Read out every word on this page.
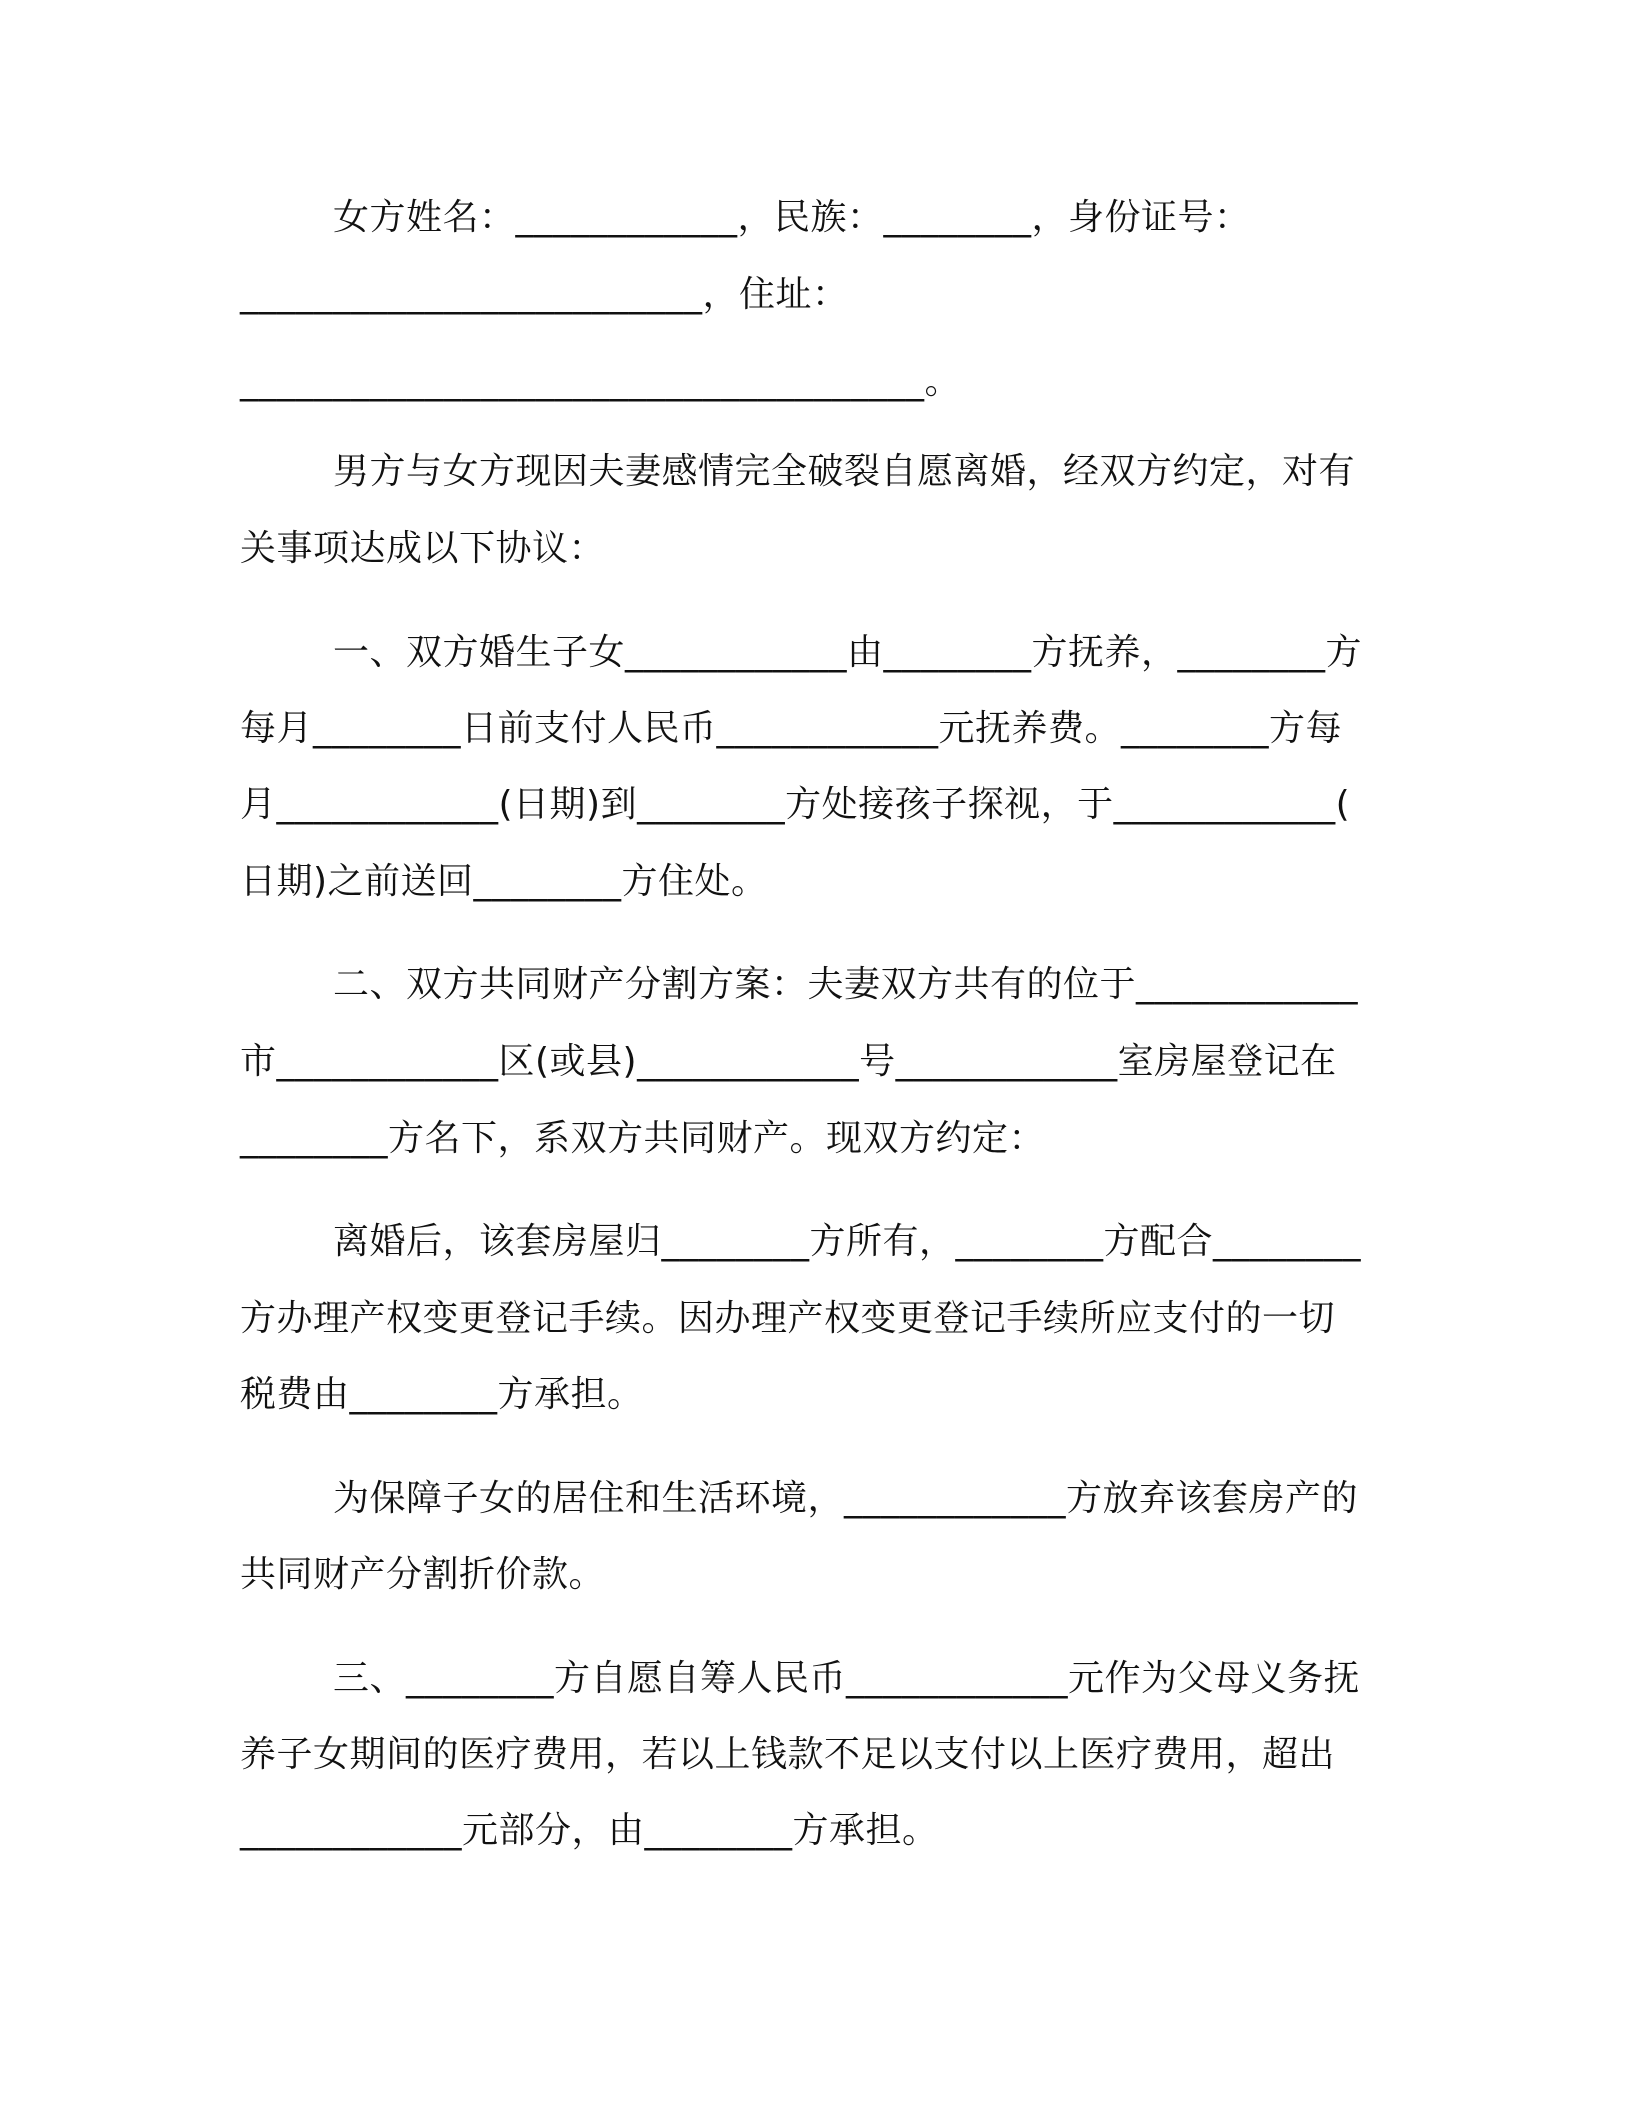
女方姓名：____________，民族：________，身份证号：
_________________________，住址：
_____________________________________。
男方与女方现因夫妻感情完全破裂自愿离婚，经双方约定，对有
关事项达成以下协议：
一、双方婚生子女____________由________方抚养，________方
每月________日前支付人民币____________元抚养费。________方每
月____________(日期)到________方处接孩子探视，于____________(
日期)之前送回________方住处。
二、双方共同财产分割方案：夫妻双方共有的位于____________
市____________区(或县)____________号____________室房屋登记在
________方名下，系双方共同财产。现双方约定：
离婚后，该套房屋归________方所有，________方配合________
方办理产权变更登记手续。因办理产权变更登记手续所应支付的一切
税费由________方承担。
为保障子女的居住和生活环境，____________方放弃该套房产的
共同财产分割折价款。
三、________方自愿自筹人民币____________元作为父母义务抚
养子女期间的医疗费用，若以上钱款不足以支付以上医疗费用，超出
____________元部分，由________方承担。
